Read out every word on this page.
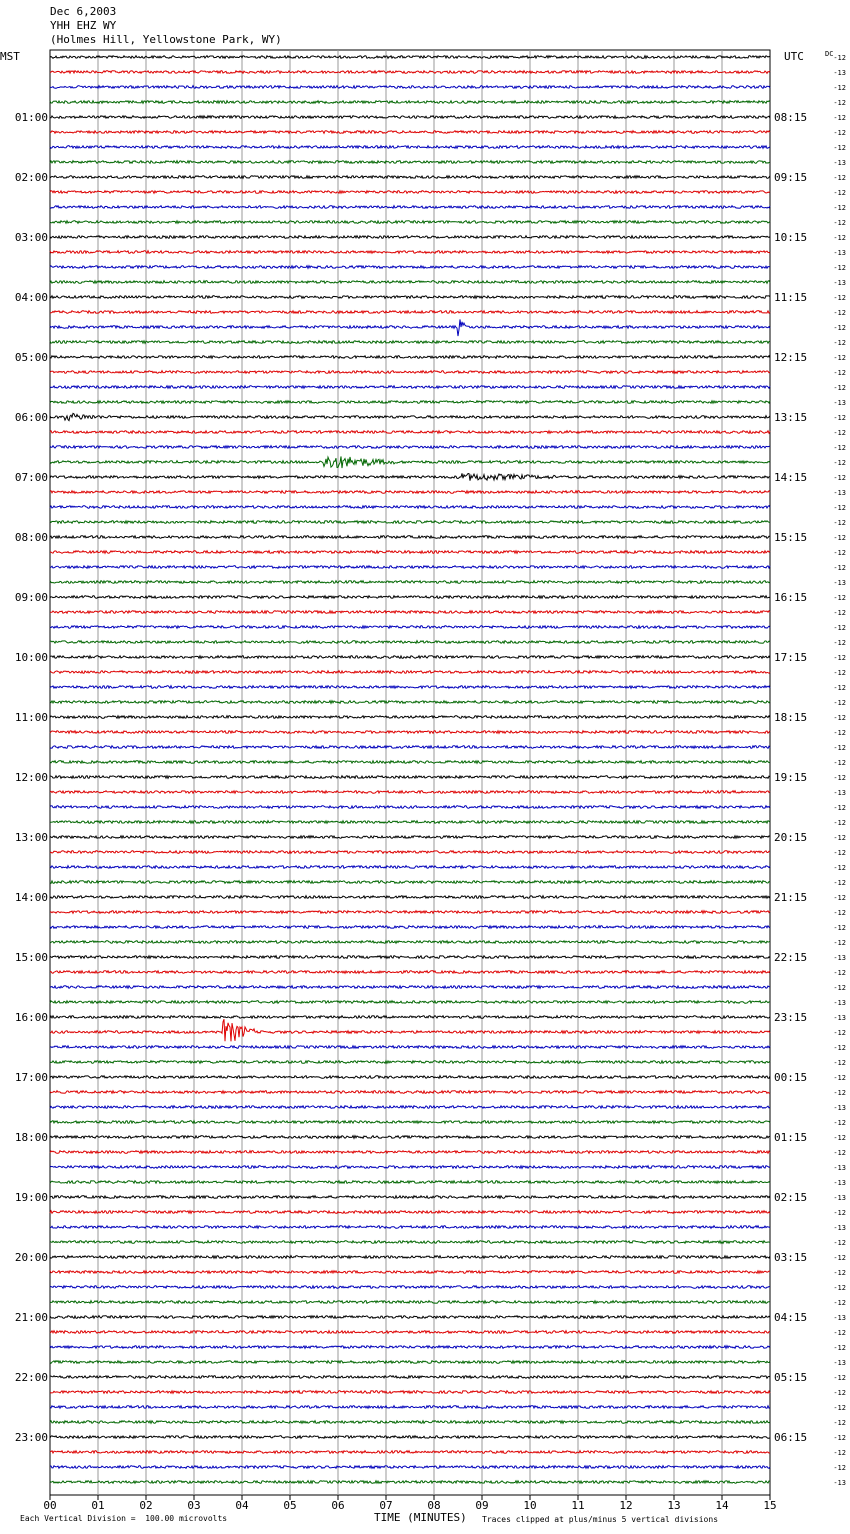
Dec 6,2003
YHH EHZ WY
(Holmes Hill, Yellowstone Park, WY)
MST	UTC	-12
-13
-12
-12
-12
-12
-12
-13
-12
-12
-12
-12
-12
-13
-12
-13
-12
-12
-12
-12
-12
-12
-12
-13
-12
-12
-12
-12
-12
-13
-12
-12
-12
-12
-12
-13
-12
-12
-12
-12
-12
-12
-12
-12
-12
-12
-12
-12
-12
-13
-12
-12
-12
-12
-12
-12
-12
-12
-12
-12
-13
-12
-12
-13
-13
-12
-12
-12
-12
-12
-13
-12
-12
-12
-13
-13
-13
-12
-13
-12
-12
-12
-12
-12
-13
-12
-12
-13
-12
-12
-12
-12
-12
-12
-12
-13
DC
01:00
02:00
03:00
04:00
05:00
06:00
07:00
08:00
09:00
10:00
11:00
12:00
13:00
14:00
15:00
16:00
17:00
18:00
19:00
20:00
21:00
22:00
23:00
08:15
09:15
10:15
11:15
12:15
13:15
14:15
15:15
16:15
17:15
18:15
19:15
20:15
21:15
22:15
23:15
00:15
01:15
02:15
03:15
04:15
05:15
06:15
00	01	02	03	04	05	06	07	08	09	10	11	12	13	14	15
Each Vertical Division =  100.00 microvolts	TIME (MINUTES) Traces clipped at plus/minus 5 vertical divisions
